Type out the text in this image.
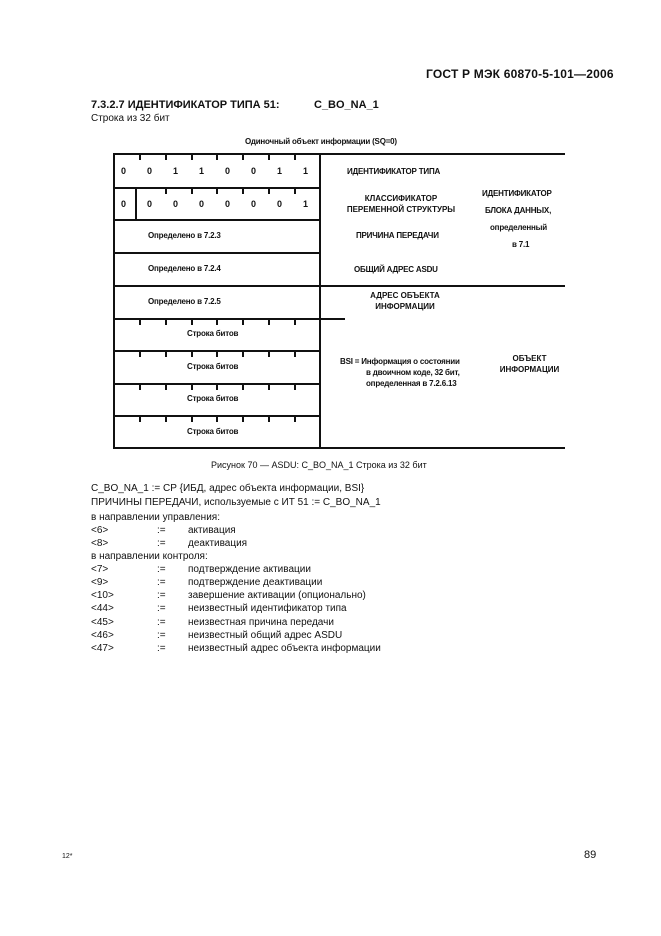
ГОСТ Р МЭК 60870-5-101—2006
7.3.2.7 ИДЕНТИФИКАТОР ТИПА 51:	С_BO_NA_1
Строка из 32 бит
Одиночный объект информации (SQ=0)
0 0 1 1 0 0 1 1
0 0 0 0 0 0 0 1
Определено в 7.2.3
Определено в 7.2.4
Определено в 7.2.5
Строка битов
Строка битов
Строка битов
Строка битов
ИДЕНТИФИКАТОР ТИПА
КЛАССИФИКАТОР ПЕРЕМЕННОЙ СТРУКТУРЫ
ПРИЧИНА ПЕРЕДАЧИ
ОБЩИЙ АДРЕС ASDU
АДРЕС ОБЪЕКТА ИНФОРМАЦИИ
ИДЕНТИФИКАТОР
БЛОКА ДАННЫХ,
определенный
в 7.1
BSI = Информация о состоянии
в двоичном коде, 32 бит,
определенная в 7.2.6.13
ОБЪЕКТ ИНФОРМАЦИИ
Рисунок 70 — ASDU: С_BO_NA_1 Строка из 32 бит
С_BO_NA_1 := СР {ИБД, адрес объекта информации, BSI}
ПРИЧИНЫ ПЕРЕДАЧИ, используемые с ИТ 51 := С_BO_NA_1
в направлении управления:
<6>	:= активация
<8>	:= деактивация
в направлении контроля:
<7>	:= подтверждение активации
<9>	:= подтверждение деактивации
<10>	:= завершение активации (опционально)
<44>	:= неизвестный идентификатор типа
<45>	:= неизвестная причина передачи
<46>	:= неизвестный общий адрес ASDU
<47>	:= неизвестный адрес объекта информации
12*	89
